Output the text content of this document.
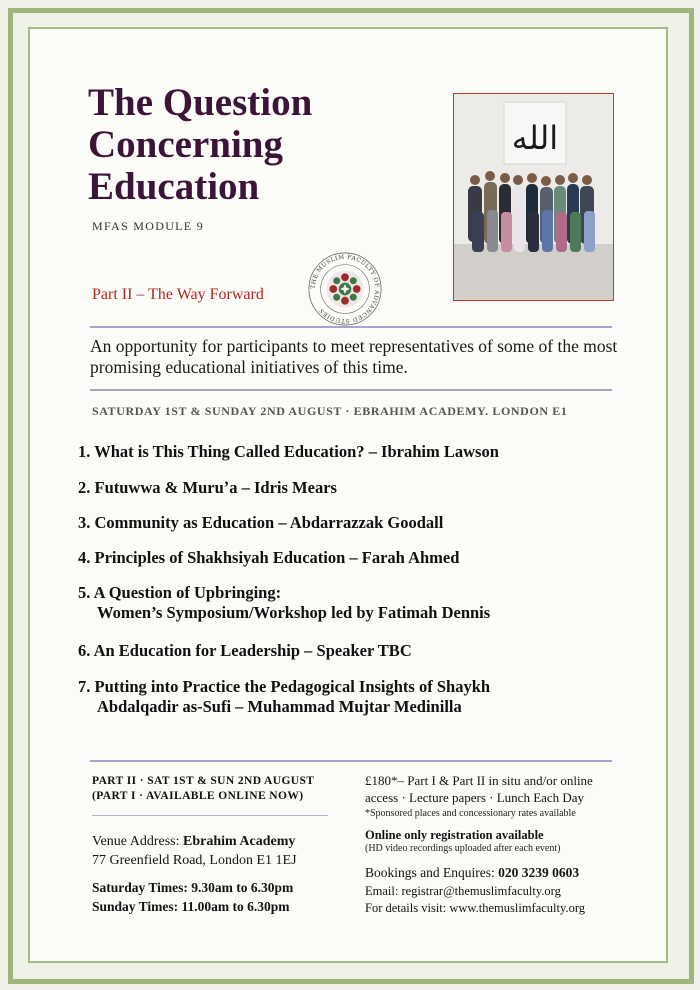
The Question
Concerning
Education
MFAS MODULE 9
Part II – The Way Forward	THE MUSLIM FACULTY OF ADVANCED STUDIES
الله
An opportunity for participants to meet representatives of some of the most promising educational initiatives of this time.
SATURDAY 1ST & SUNDAY 2ND AUGUST · EBRAHIM ACADEMY. LONDON E1
1. What is This Thing Called Education? – Ibrahim Lawson
2. Futuwwa & Muruʼa – Idris Mears
3. Community as Education – Abdarrazzak Goodall
4. Principles of Shakhsiyah Education – Farah Ahmed
5. A Question of Upbringing:
Women’s Symposium/Workshop led by Fatimah Dennis
6. An Education for Leadership – Speaker TBC
7. Putting into Practice the Pedagogical Insights of Shaykh
Abdalqadir as-Sufi – Muhammad Mujtar Medinilla
PART II · SAT 1ST & SUN 2ND AUGUST
(PART I · AVAILABLE ONLINE NOW)
Venue Address: Ebrahim Academy
77 Greenfield Road, London E1 1EJ
Saturday Times: 9.30am to 6.30pm
Sunday Times: 11.00am to 6.30pm
£180*– Part I & Part II in situ and/or online
access · Lecture papers · Lunch Each Day
*Sponsored places and concessionary rates available
Online only registration available
(HD video recordings uploaded after each event)
Bookings and Enquires: 020 3239 0603
Email: registrar@themuslimfaculty.org
For details visit: www.themuslimfaculty.org
